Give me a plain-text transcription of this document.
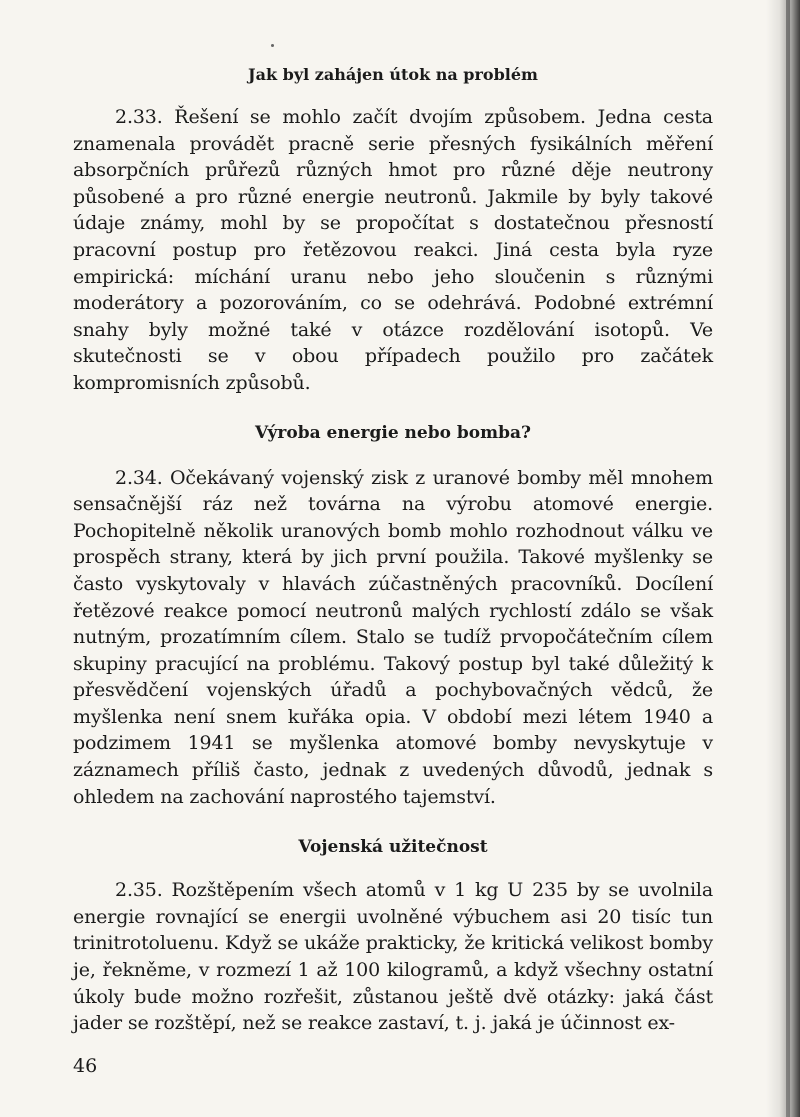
Jak byl zahájen útok na problém

2.33. Řešení se mohlo začít dvojím způsobem. Jedna cesta znamenala provádět pracně serie přesných fysikálních měření absorpčních průřezů různých hmot pro různé děje neutrony působené a pro různé energie neutronů. Jakmile by byly takové údaje známy, mohl by se propočítat s dostatečnou přesností pracovní postup pro řetězovou reakci. Jiná cesta byla ryze empirická: míchání uranu nebo jeho sloučenin s různými moderátory a pozorováním, co se odehrává. Podobné extrémní snahy byly možné také v otázce rozdělování isotopů. Ve skutečnosti se v obou případech použilo pro začátek kompromisních způsobů.

Výroba energie nebo bomba?

2.34. Očekávaný vojenský zisk z uranové bomby měl mnohem sensačnější ráz než továrna na výrobu atomové energie. Pochopitelně několik uranových bomb mohlo rozhodnout válku ve prospěch strany, která by jich první použila. Takové myšlenky se často vyskytovaly v hlavách zúčastněných pracovníků. Docílení řetězové reakce pomocí neutronů malých rychlostí zdálo se však nutným, prozatímním cílem. Stalo se tudíž prvopočátečním cílem skupiny pracující na problému. Takový postup byl také důležitý k přesvědčení vojenských úřadů a pochybovačných vědců, že myšlenka není snem kuřáka opia. V období mezi létem 1940 a podzimem 1941 se myšlenka atomové bomby nevyskytuje v záznamech příliš často, jednak z uvedených důvodů, jednak s ohledem na zachování naprostého tajemství.

Vojenská užitečnost

2.35. Rozštěpením všech atomů v 1 kg U 235 by se uvolnila energie rovnající se energii uvolněné výbuchem asi 20 tisíc tun trinitrotoluenu. Když se ukáže prakticky, že kritická velikost bomby je, řekněme, v rozmezí 1 až 100 kilogramů, a když všechny ostatní úkoly bude možno rozřešit, zůstanou ještě dvě otázky: jaká část jader se rozštěpí, než se reakce zastaví, t. j. jaká je účinnost ex-

46
